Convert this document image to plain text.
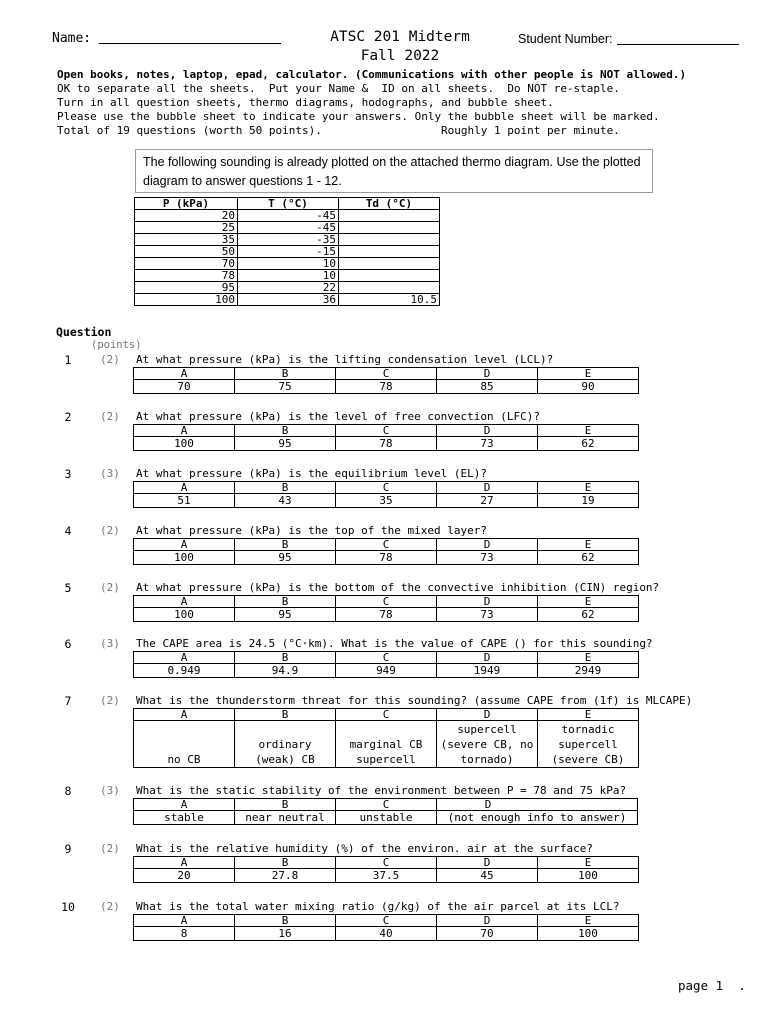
Name:	ATSC 201 Midterm
Fall 2022
Student Number:
Open books, notes, laptop, epad, calculator. (Communications with other people is NOT allowed.)
OK to separate all the sheets.  Put your Name &  ID on all sheets.  Do NOT re-staple.
Turn in all question sheets, thermo diagrams, hodographs, and bubble sheet.
Please use the bubble sheet to indicate your answers. Only the bubble sheet will be marked.
Total of 19 questions (worth 50 points).	Roughly 1 point per minute.
The following sounding is already plotted on the attached thermo diagram. Use the plotted diagram to answer questions 1 - 12.
P (kPa)	T (°C)	Td (°C)
20	-45	
25	-45	
35	-35	
50	-15	
70	10	
78	10	
95	22	
100	36	10.5
Question
(points)
1	(2) At what pressure (kPa) is the lifting condensation level (LCL)?
A	B	C	D	E
70	75	78	85	90
2	(2) At what pressure (kPa) is the level of free convection (LFC)?
A	B	C	D	E
100	95	78	73	62
3	(3) At what pressure (kPa) is the equilibrium level (EL)?
A	B	C	D	E
51	43	35	27	19
4	(2) At what pressure (kPa) is the top of the mixed layer?
A	B	C	D	E
100	95	78	73	62
5	(2) At what pressure (kPa) is the bottom of the convective inhibition (CIN) region?
A	B	C	D	E
100	95	78	73	62
6	(3) The CAPE area is 24.5 (°C·km). What is the value of CAPE () for this sounding?
A	B	C	D	E
0.949	94.9	949	1949	2949
7	(2) What is the thunderstorm threat for this sounding? (assume CAPE from (1f) is MLCAPE)
A	B	C	D	E
no CB	ordinary (weak) CB	marginal CB supercell	supercell (severe CB, no tornado)	tornadic supercell (severe CB)
8	(3) What is the static stability of the environment between P = 78 and 75 kPa?
A	B	C	D
stable	near neutral	unstable	(not enough info to answer)
9	(2) What is the relative humidity (%) of the environ. air at the surface?
A	B	C	D	E
20	27.8	37.5	45	100
10	(2) What is the total water mixing ratio (g/kg) of the air parcel at its LCL?
A	B	C	D	E
8	16	40	70	100
page 1  .
